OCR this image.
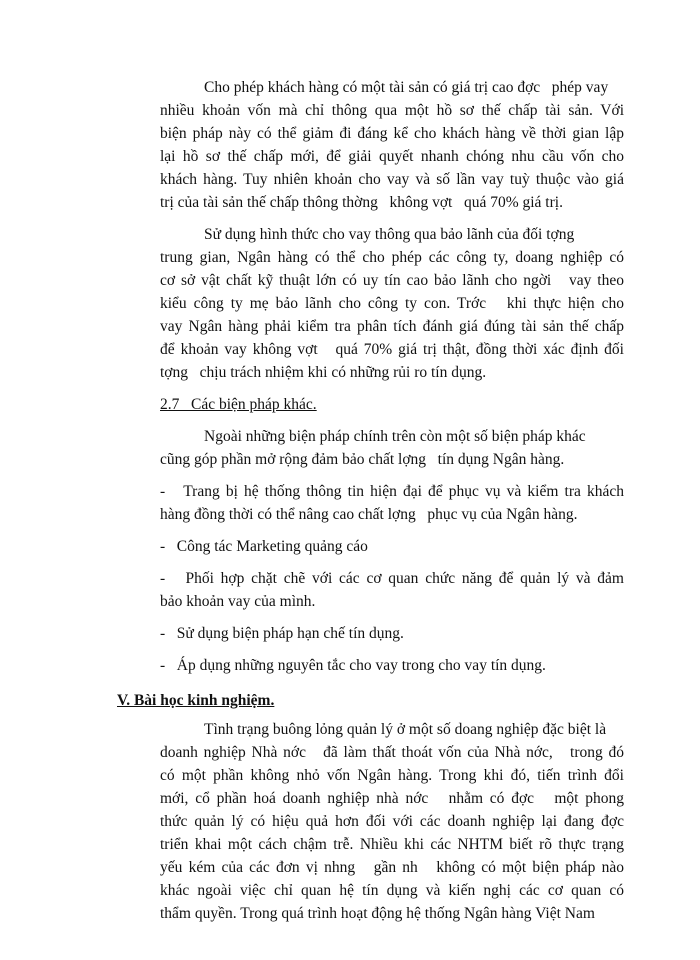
Cho phép khách hàng có một tài sản có giá trị cao đợc   phép vay
nhiều khoản vốn mà chỉ thông qua một hồ sơ thế chấp tài sản. Với
biện pháp này có thể giảm đi đáng kể cho khách hàng về thời gian lập
lại hồ sơ thế chấp mới, để giải quyết nhanh chóng nhu cầu vốn cho
khách hàng. Tuy nhiên khoản cho vay và số lần vay tuỳ thuộc vào giá
trị của tài sản thế chấp thông thờng   không vợt   quá 70% giá trị.
Sử dụng hình thức cho vay thông qua bảo lãnh của đối tợng
trung gian, Ngân hàng có thể cho phép các công ty, doang nghiệp có
cơ sở vật chất kỹ thuật lớn có uy tín cao bảo lãnh cho ngời   vay theo
kiểu công ty mẹ bảo lãnh cho công ty con. Trớc   khi thực hiện cho
vay Ngân hàng phải kiểm tra phân tích đánh giá đúng tài sản thế chấp
để khoản vay không vợt   quá 70% giá trị thật, đồng thời xác định đối
tợng   chịu trách nhiệm khi có những rủi ro tín dụng.
2.7   Các biện pháp khác.
Ngoài những biện pháp chính trên còn một số biện pháp khác
cũng góp phần mở rộng đảm bảo chất lợng   tín dụng Ngân hàng.
-   Trang bị hệ thống thông tin hiện đại để phục vụ và kiểm tra khách
hàng đồng thời có thể nâng cao chất lợng   phục vụ của Ngân hàng.
-   Công tác Marketing quảng cáo
-   Phối hợp chặt chẽ với các cơ quan chức năng để quản lý và đảm
bảo khoản vay của mình.
-   Sử dụng biện pháp hạn chế tín dụng.
-   Áp dụng những nguyên tắc cho vay trong cho vay tín dụng.
V. Bài học kinh nghiệm.
Tình trạng buông lỏng quản lý ở một số doang nghiệp đặc biệt là
doanh nghiệp Nhà nớc   đã làm thất thoát vốn của Nhà nớc,   trong đó
có một phần không nhỏ vốn Ngân hàng. Trong khi đó, tiến trình đổi
mới, cổ phần hoá doanh nghiệp nhà nớc   nhằm có đợc   một phong
thức quản lý có hiệu quả hơn đối với các doanh nghiệp lại đang đợc
triển khai một cách chậm trễ. Nhiều khi các NHTM biết rõ thực trạng
yếu kém của các đơn vị nhng   gần nh   không có một biện pháp nào
khác ngoài việc chỉ quan hệ tín dụng và kiến nghị các cơ quan có
thẩm quyền. Trong quá trình hoạt động hệ thống Ngân hàng Việt Nam
